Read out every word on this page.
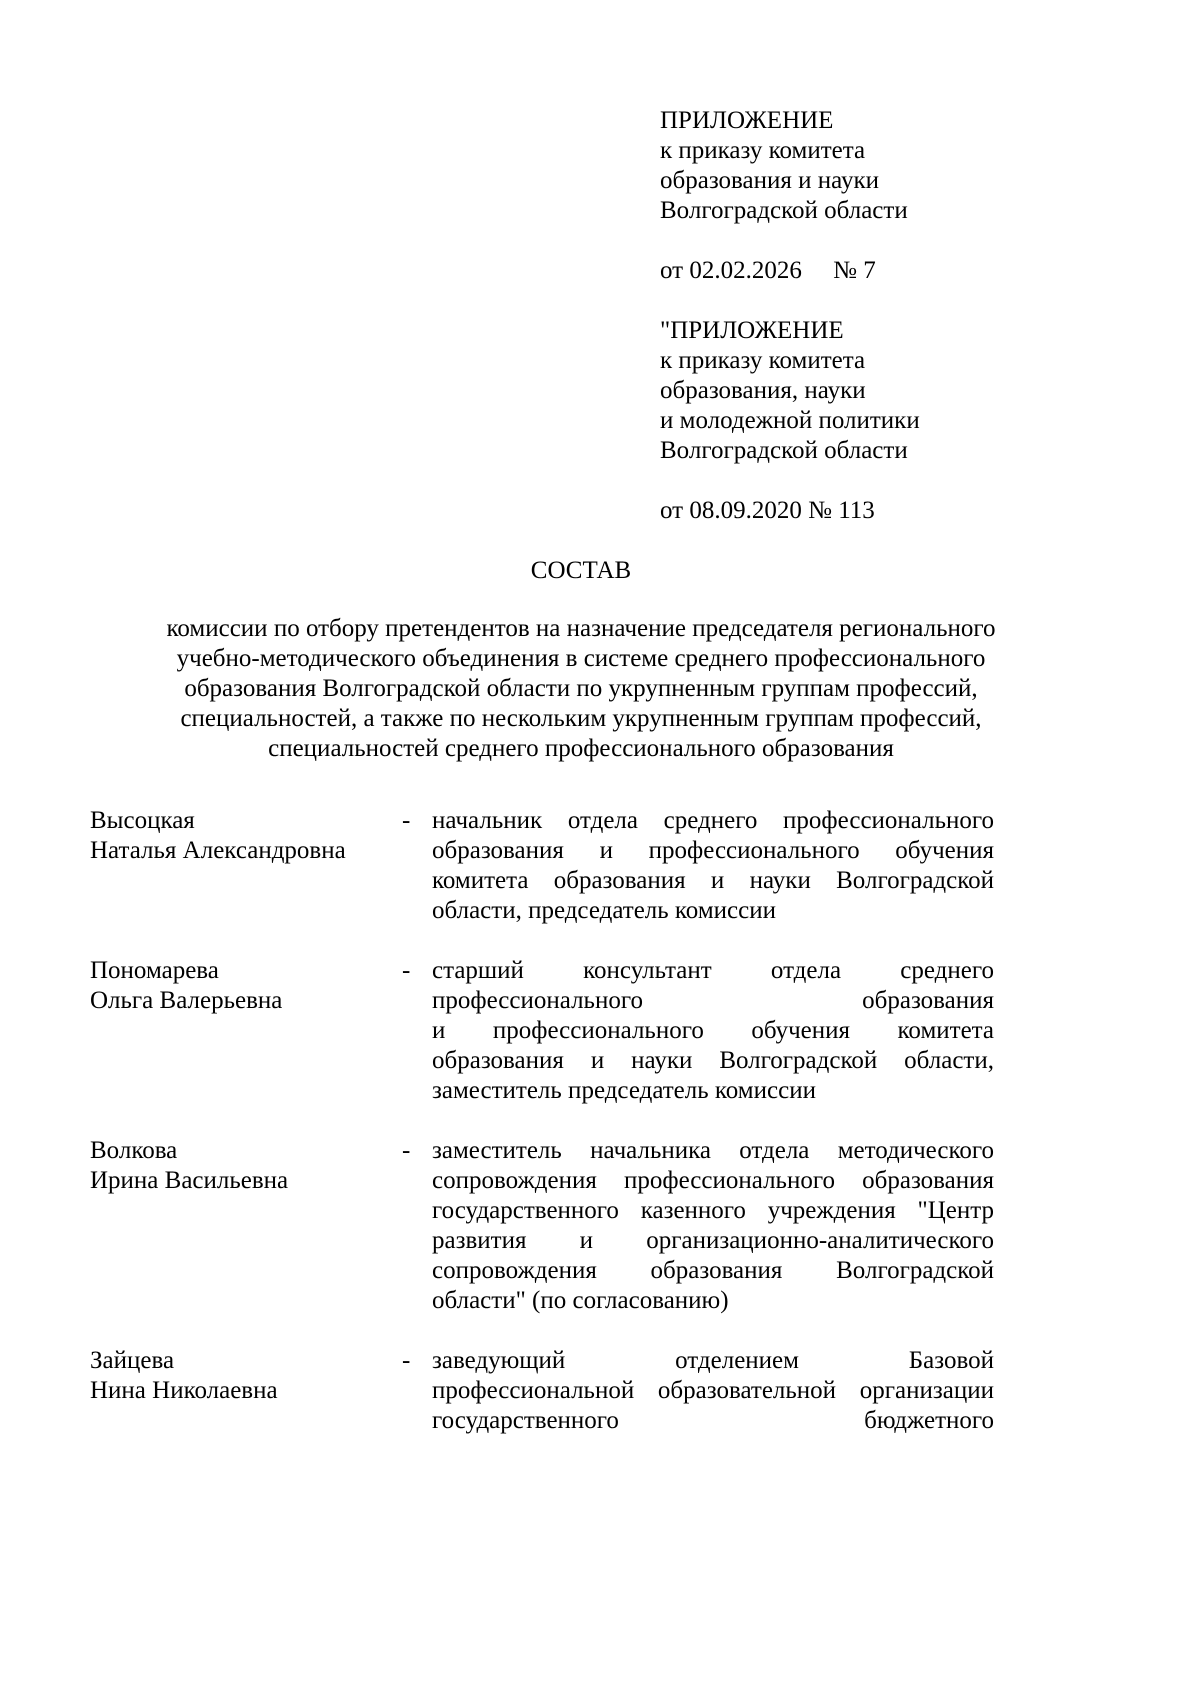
ПРИЛОЖЕНИЕ
к приказу комитета
образования и науки
Волгоградской области
от 02.02.2026     № 7
"ПРИЛОЖЕНИЕ
к приказу комитета
образования, науки
и молодежной политики
Волгоградской области
от 08.09.2020 № 113
СОСТАВ
комиссии по отбору претендентов на назначение председателя регионального
учебно-методического объединения в системе среднего профессионального
образования Волгоградской области по укрупненным группам профессий,
специальностей, а также по нескольким укрупненным группам профессий,
специальностей среднего профессионального образования
Высоцкая
Наталья Александровна
- начальник отдела среднего профессионального
образования и профессионального обучения
комитета образования и науки Волгоградской
области, председатель комиссии
Пономарева
Ольга Валерьевна
- старший консультант отдела среднего
профессионального образования
и профессионального обучения комитета
образования и науки Волгоградской области,
заместитель председатель комиссии
Волкова
Ирина Васильевна
- заместитель начальника отдела методического
сопровождения профессионального образования
государственного казенного учреждения "Центр
развития и организационно-аналитического
сопровождения образования Волгоградской
области" (по согласованию)
Зайцева
Нина Николаевна
- заведующий отделением Базовой
профессиональной образовательной организации
государственного бюджетного
